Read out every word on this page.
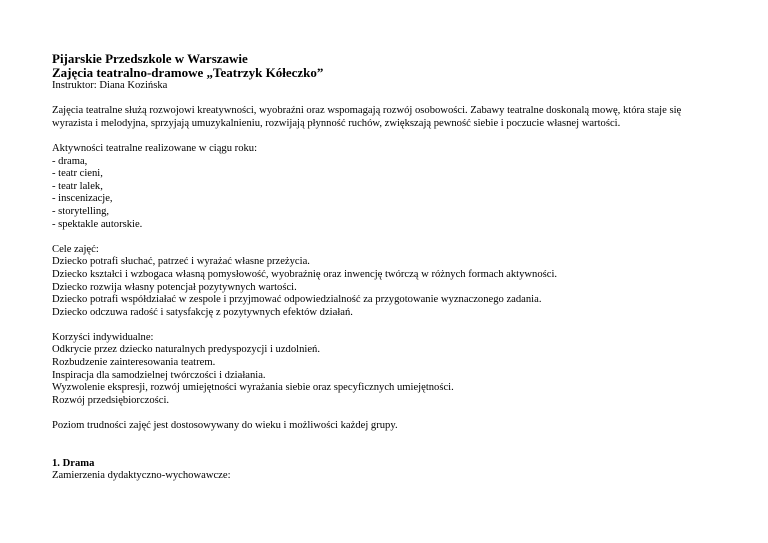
Pijarskie Przedszkole w Warszawie
Zajęcia teatralno-dramowe „Teatrzyk Kółeczko”
Instruktor: Diana Kozińska
Zajęcia teatralne służą rozwojowi kreatywności, wyobraźni oraz wspomagają rozwój osobowości. Zabawy teatralne doskonalą mowę, która staje się
wyrazista i melodyjna, sprzyjają umuzykalnieniu, rozwijają płynność ruchów, zwiększają pewność siebie i poczucie własnej wartości.
Aktywności teatralne realizowane w ciągu roku:
- drama,
- teatr cieni,
- teatr lalek,
- inscenizacje,
- storytelling,
- spektakle autorskie.
Cele zajęć:
Dziecko potrafi słuchać, patrzeć i wyrażać własne przeżycia.
Dziecko kształci i wzbogaca własną pomysłowość, wyobraźnię oraz inwencję twórczą w różnych formach aktywności.
Dziecko rozwija własny potencjał pozytywnych wartości.
Dziecko potrafi współdziałać w zespole i przyjmować odpowiedzialność za przygotowanie wyznaczonego zadania.
Dziecko odczuwa radość i satysfakcję z pozytywnych efektów działań.
Korzyści indywidualne:
Odkrycie przez dziecko naturalnych predyspozycji i uzdolnień.
Rozbudzenie zainteresowania teatrem.
Inspiracja dla samodzielnej twórczości i działania.
Wyzwolenie ekspresji, rozwój umiejętności wyrażania siebie oraz specyficznych umiejętności.
Rozwój przedsiębiorczości.
Poziom trudności zajęć jest dostosowywany do wieku i możliwości każdej grupy.
1. Drama
Zamierzenia dydaktyczno-wychowawcze:
